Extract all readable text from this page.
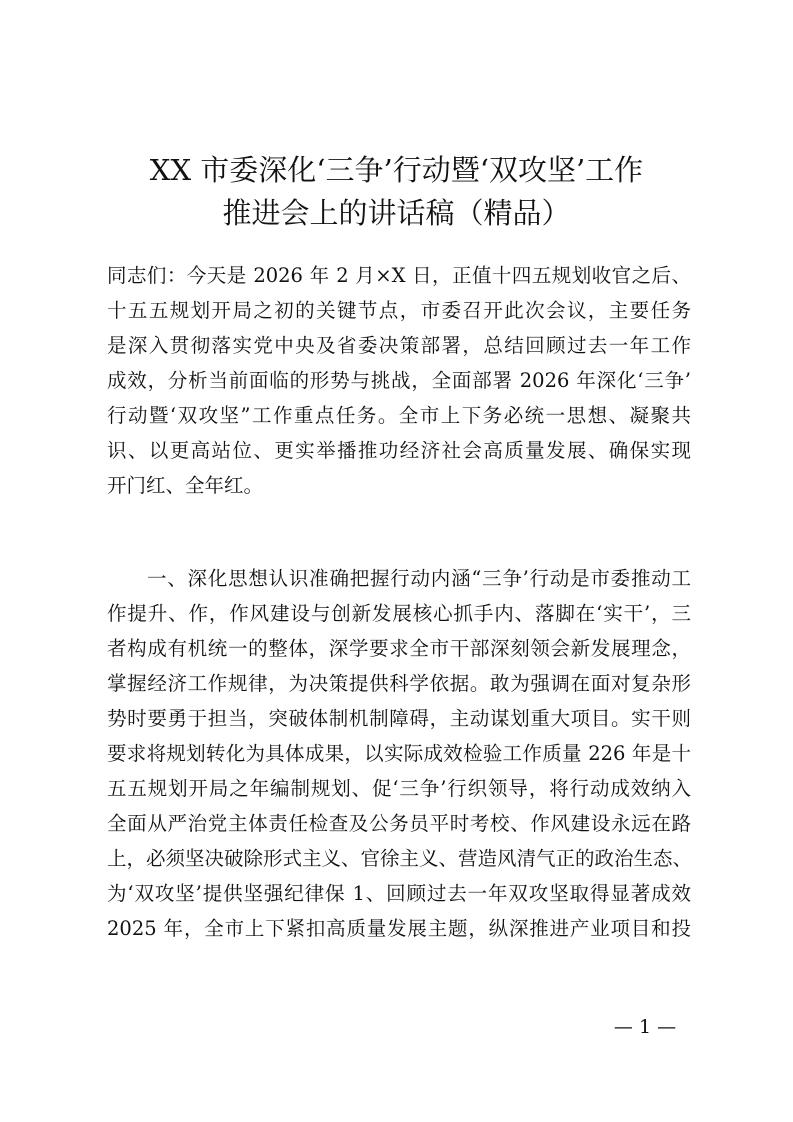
XX 市委深化‘三争’行动暨‘双攻坚’工作
推进会上的讲话稿（精品）
同志们：今天是 2026 年 2 月×X 日，正值十四五规划收官之后、
十五五规划开局之初的关键节点，市委召开此次会议，主要任务
是深入贯彻落实党中央及省委决策部署，总结回顾过去一年工作
成效，分析当前面临的形势与挑战，全面部署 2026 年深化‘三争’
行动暨‘双攻坚”工作重点任务。全市上下务必统一思想、凝聚共
识、以更高站位、更实举播推功经济社会高质量发展、确保实现
开门红、全年红。
一、深化思想认识准确把握行动内涵“三争’行动是市委推动工
作提升、作，作风建设与创新发展核心抓手内、落脚在‘实干’，三
者构成有机统一的整体，深学要求全市干部深刻领会新发展理念，
掌握经济工作规律，为决策提供科学依据。敢为强调在面对复杂形
势时要勇于担当，突破体制机制障碍，主动谋划重大项目。实干则
要求将规划转化为具体成果，以实际成效检验工作质量 226 年是十
五五规划开局之年编制规划、促‘三争’行织领导，将行动成效纳入
全面从严治党主体责任检查及公务员平时考校、作风建设永远在路
上，必须坚决破除形式主义、官徐主义、营造风清气正的政治生态、
为‘双攻坚’提供坚强纪律保 1、回顾过去一年双攻坚取得显著成效
2025 年，全市上下紧扣高质量发展主题，纵深推进产业项目和投
— 1 —
